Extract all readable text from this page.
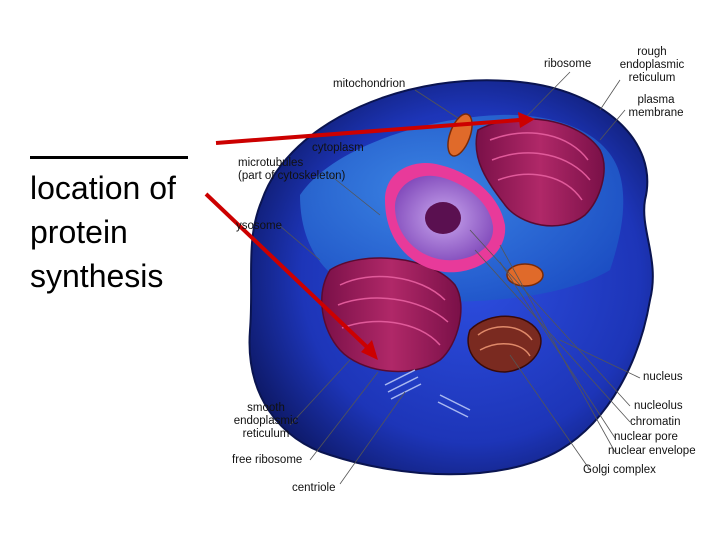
location of
protein
synthesis
ribosome
rough
endoplasmic
reticulum
mitochondrion
plasma
membrane
cytoplasm
microtubules
(part of cytoskeleton)
ysosome
nucleus
nucleolus
chromatin
nuclear pore
nuclear envelope
Golgi complex
smooth
endoplasmic
reticulum
free ribosome
centriole
